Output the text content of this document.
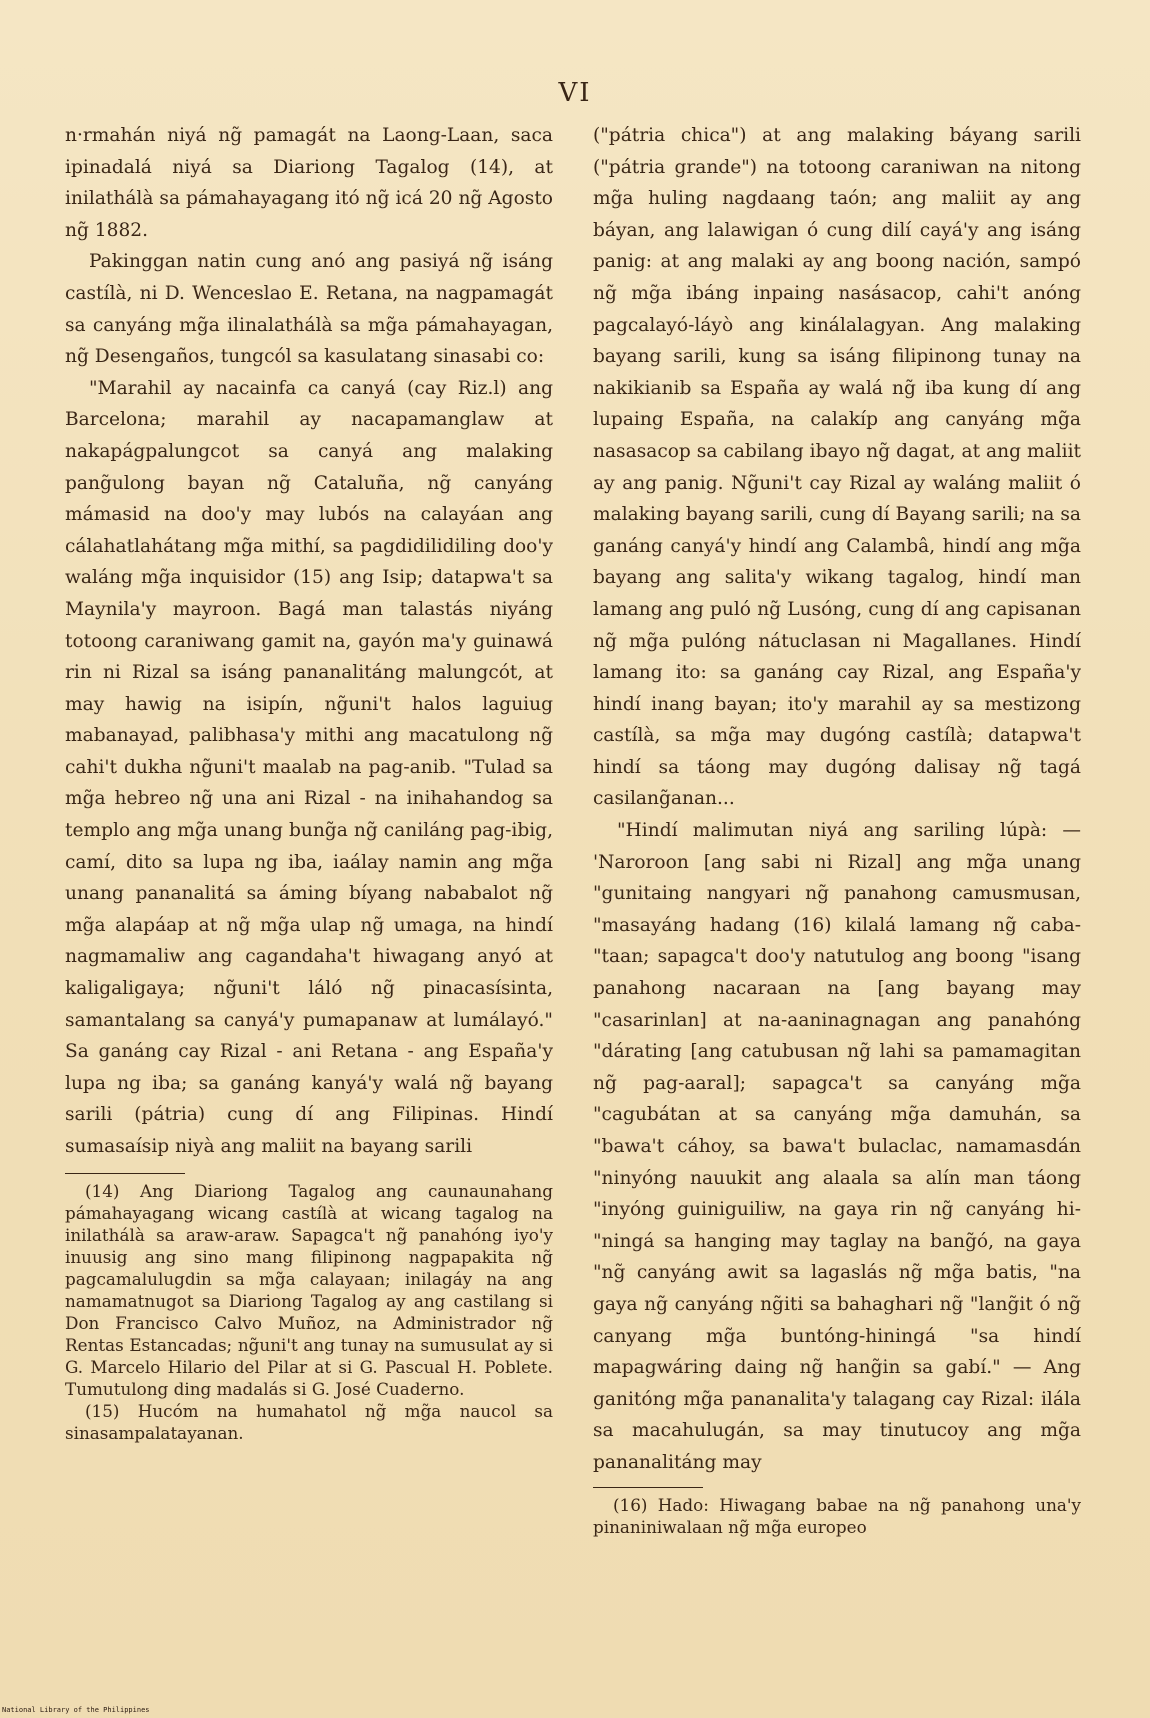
VI

n·rmahán niyá ng̃ pamagát na Laong-Laan, saca ipinadalá niyá sa Diariong Tagalog (14), at inilathálà sa pámahayagang itó ng̃ icá 20 ng̃ Agosto ng̃ 1882.

Pakinggan natin cung anó ang pasiyá ng̃ isáng castílà, ni D. Wenceslao E. Retana, na nagpamagát sa canyáng mg̃a ilinalathálà sa mg̃a pámahayagan, ng̃ Desengaños, tungcól sa kasulatang sinasabi co:

"Marahil ay nacainfa ca canyá (cay Riz.l) ang Barcelona; marahil ay nacapamanglaw at nakapágpalungcot sa canyá ang malaking pang̃ulong bayan ng̃ Cataluña, ng̃ canyáng mámasid na doo'y may lubós na calayáan ang cálahatlahátang mg̃a mithí, sa pagdidilidiling doo'y waláng mg̃a inquisidor (15) ang Isip; datapwa't sa Maynila'y mayroon. Bagá man talastás niyáng totoong caraniwang gamit na, gayón ma'y guinawá rin ni Rizal sa isáng pananalitáng malungcót, at may hawig na isipín, ng̃uni't halos laguiug mabanayad, palibhasa'y mithi ang macatulong ng̃ cahi't dukha ng̃uni't maalab na pag-anib. "Tulad sa mg̃a hebreo ng̃ una ani Rizal - na inihahandog sa templo ang mg̃a unang bung̃a ng̃ caniláng pag-ibig, camí, dito sa lupa ng iba, iaálay namin ang mg̃a unang pananalitá sa áming bíyang nababalot ng̃ mg̃a alapáap at ng̃ mg̃a ulap ng̃ umaga, na hindí nagmamaliw ang cagandaha't hiwagang anyó at kaligaligaya; ng̃uni't láló ng̃ pinacasísinta, samantalang sa canyá'y pumapanaw at lumálayó." Sa ganáng cay Rizal - ani Retana - ang España'y lupa ng iba; sa ganáng kanyá'y walá ng̃ bayang sarili (pátria) cung dí ang Filipinas. Hindí sumasaísip niyà ang maliit na bayang sarili

(14) Ang Diariong Tagalog ang caunaunahang pámahayagang wicang castílà at wicang tagalog na inilathálà sa araw-araw. Sapagca't ng̃ panahóng iyo'y inuusig ang sino mang filipinong nagpapakita ng̃ pagcamalulugdin sa mg̃a calayaan; inilagáy na ang namamatnugot sa Diariong Tagalog ay ang castilang si Don Francisco Calvo Muñoz, na Administrador ng̃ Rentas Estancadas; ng̃uni't ang tunay na sumusulat ay si G. Marcelo Hilario del Pilar at si G. Pascual H. Poblete. Tumutulong ding madalás si G. José Cuaderno.

(15) Hucóm na humahatol ng̃ mg̃a naucol sa sinasampalatayanan.

("pátria chica") at ang malaking báyang sarili ("pátria grande") na totoong caraniwan na nitong mg̃a huling nagdaang taón; ang maliit ay ang báyan, ang lalawigan ó cung dilí cayá'y ang isáng panig: at ang malaki ay ang boong nación, sampó ng̃ mg̃a ibáng inpaing nasásacop, cahi't anóng pagcalayó-láyò ang kinálalagyan. Ang malaking bayang sarili, kung sa isáng filipinong tunay na nakikianib sa España ay walá ng̃ iba kung dí ang lupaing España, na calakíp ang canyáng mg̃a nasasacop sa cabilang ibayo ng̃ dagat, at ang maliit ay ang panig. Ng̃uni't cay Rizal ay waláng maliit ó malaking bayang sarili, cung dí Bayang sarili; na sa ganáng canyá'y hindí ang Calambâ, hindí ang mg̃a bayang ang salita'y wikang tagalog, hindí man lamang ang puló ng̃ Lusóng, cung dí ang capisanan ng̃ mg̃a pulóng nátuclasan ni Magallanes. Hindí lamang ito: sa ganáng cay Rizal, ang España'y hindí inang bayan; ito'y marahil ay sa mestizong castílà, sa mg̃a may dugóng castílà; datapwa't hindí sa táong may dugóng dalisay ng̃ tagá casilang̃anan...

"Hindí malimutan niyá ang sariling lúpà: — 'Naroroon [ang sabi ni Rizal] ang mg̃a unang "gunitaing nangyari ng̃ panahong camusmusan, "masayáng hadang (16) kilalá lamang ng̃ caba- "taan; sapagca't doo'y natutulog ang boong "isang panahong nacaraan na [ang bayang may "casarinlan] at na-aaninagnagan ang panahóng "dárating [ang catubusan ng̃ lahi sa pamamagitan ng̃ pag-aaral]; sapagca't sa canyáng mg̃a "cagubátan at sa canyáng mg̃a damuhán, sa "bawa't cáhoy, sa bawa't bulaclac, namamasdán "ninyóng nauukit ang alaala sa alín man táong "inyóng guiniguiliw, na gaya rin ng̃ canyáng hi- "ningá sa hanging may taglay na bang̃ó, na gaya "ng̃ canyáng awit sa lagaslás ng̃ mg̃a batis, "na gaya ng̃ canyáng ng̃iti sa bahaghari ng̃ "lang̃it ó ng̃ canyang mg̃a buntóng-hiningá "sa hindí mapagwáring daing ng̃ hang̃in sa gabí." — Ang ganitóng mg̃a pananalita'y talagang cay Rizal: ilála sa macahulugán, sa may tinutucoy ang mg̃a pananalitáng may

(16) Hado: Hiwagang babae na ng̃ panahong una'y pinaniniwalaan ng̃ mg̃a europeo

National Library of the Philippines
